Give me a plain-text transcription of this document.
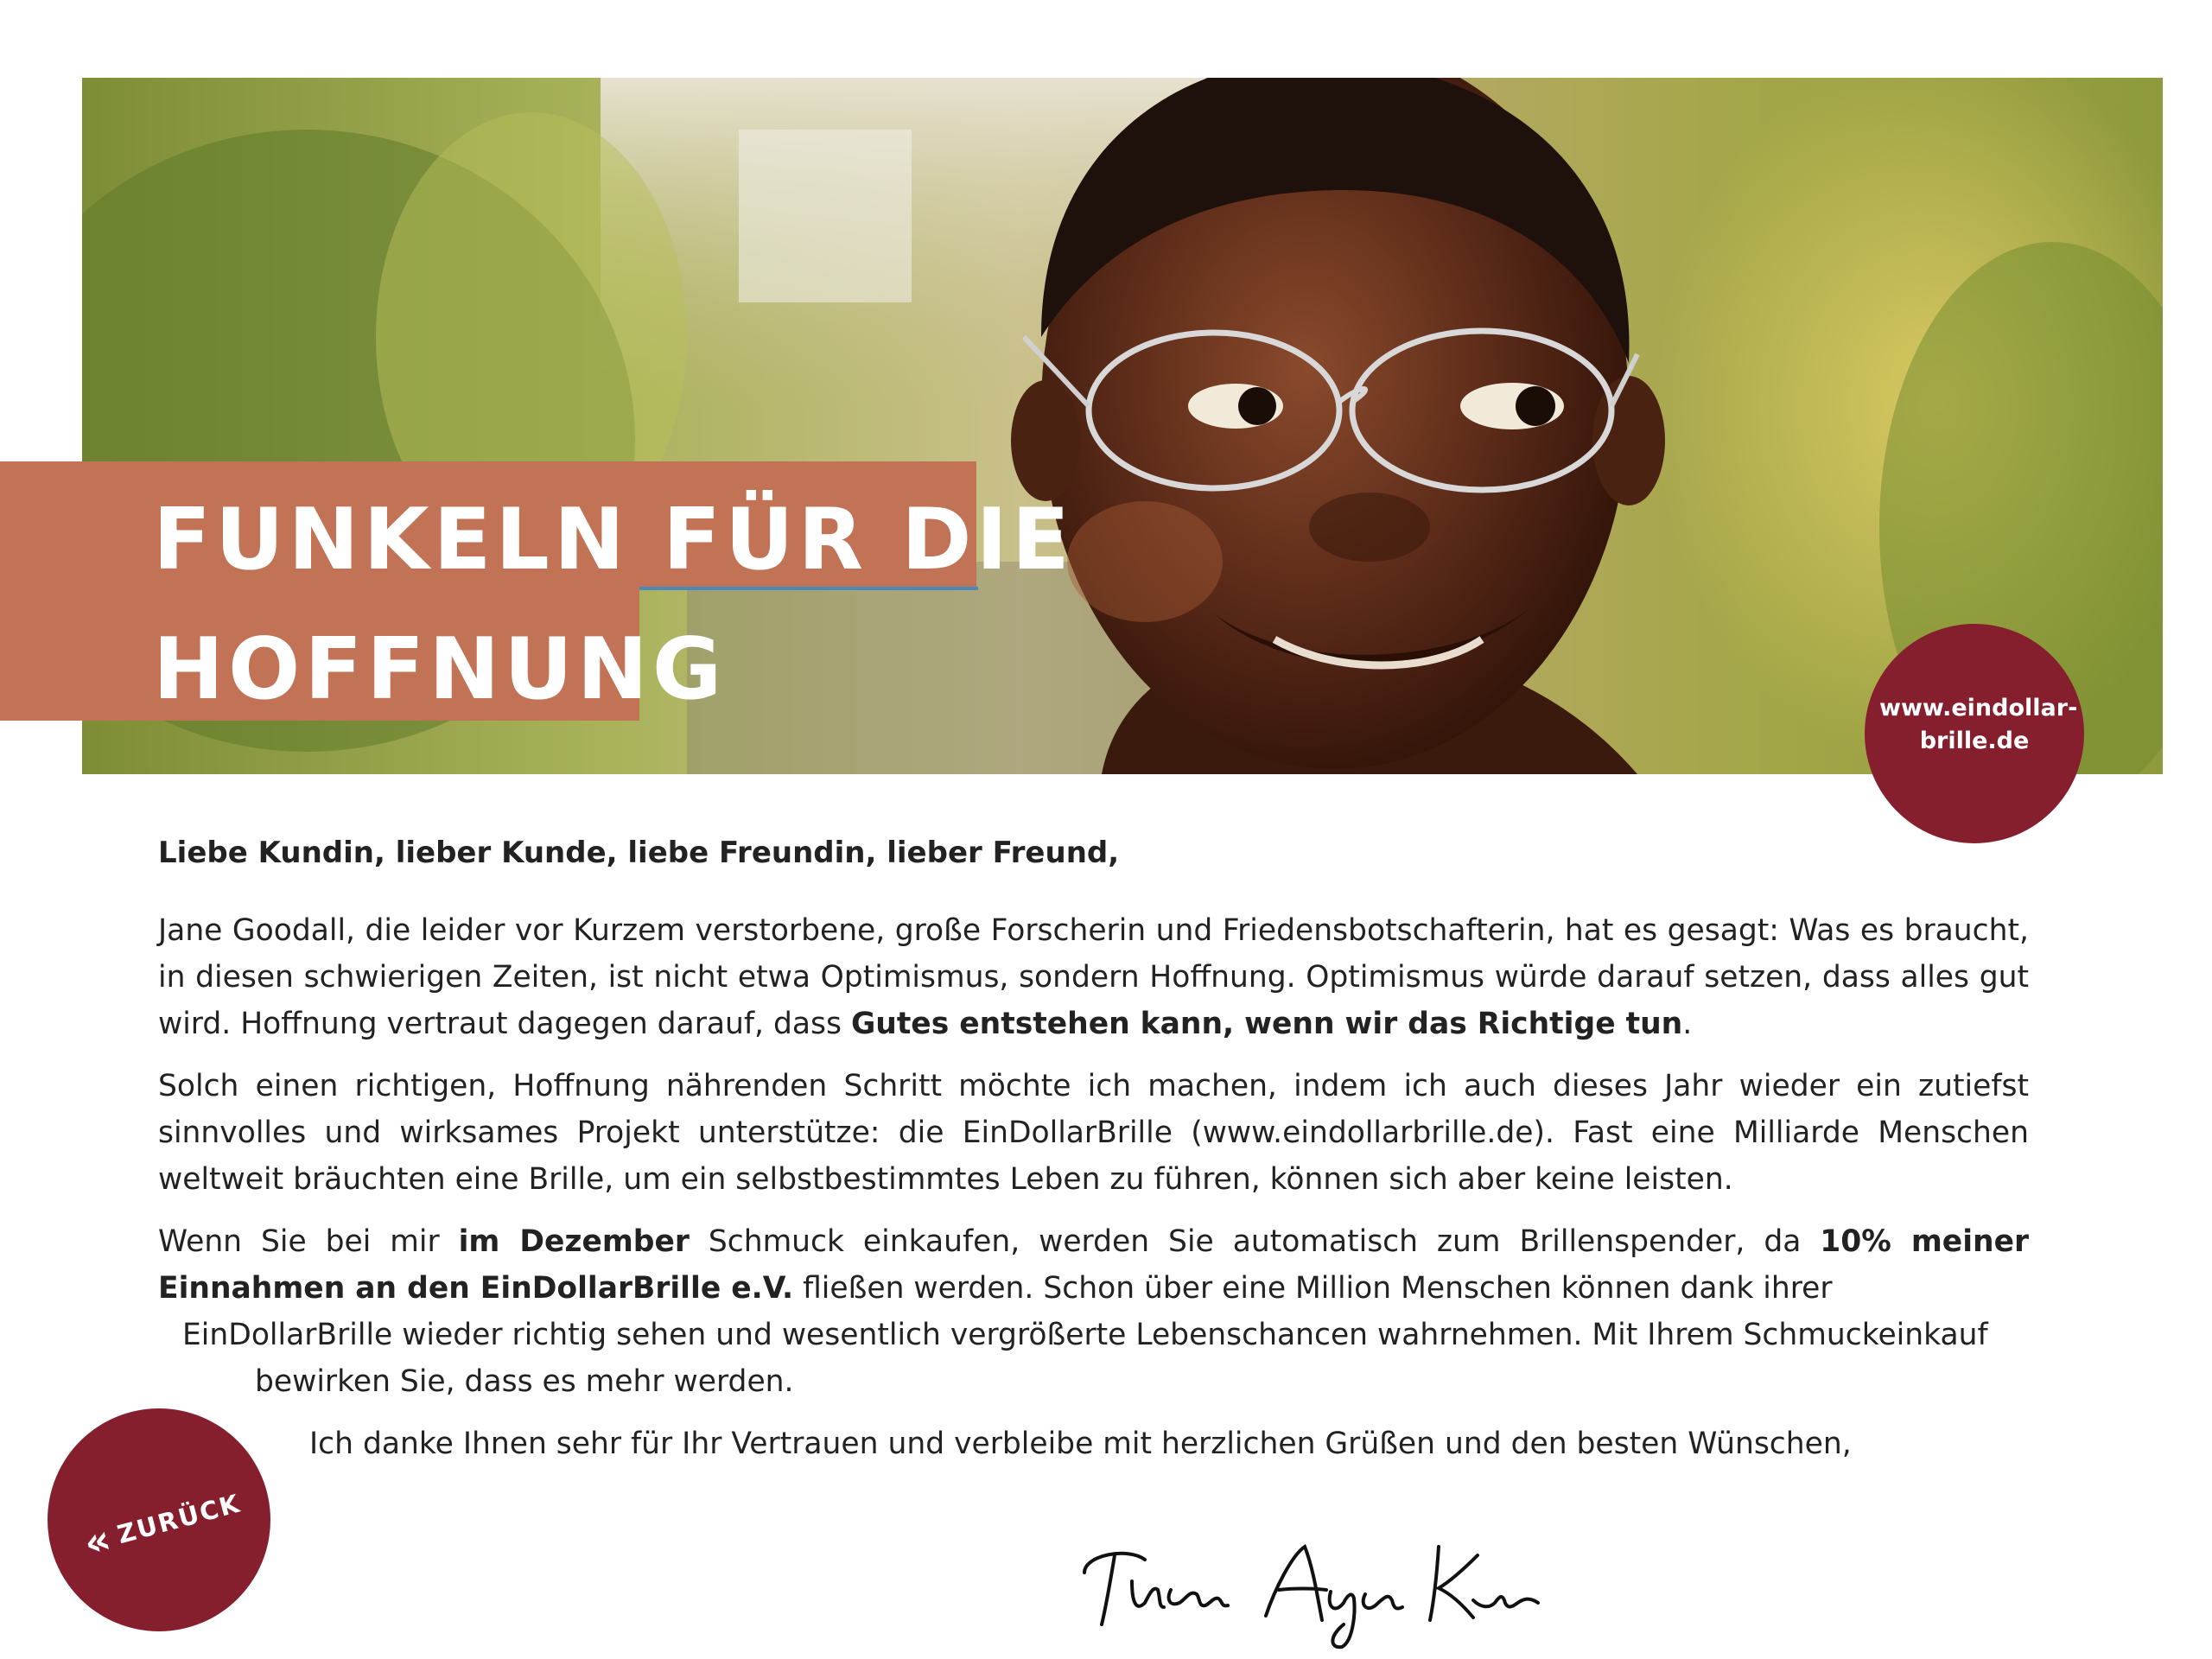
FUNKELN FÜR DIE
HOFFNUNG	www.eindollar-
brille.de

Liebe Kundin, lieber Kunde, liebe Freundin, lieber Freund,

Jane Goodall, die leider vor Kurzem verstorbene, große Forscherin und Friedensbotschafterin, hat es gesagt: Was es braucht, in diesen schwierigen Zeiten, ist nicht etwa Optimismus, sondern Hoffnung. Optimismus würde darauf setzen, dass alles gut wird. Hoffnung vertraut dagegen darauf, dass Gutes entstehen kann, wenn wir das Richtige tun.

Solch einen richtigen, Hoffnung nährenden Schritt möchte ich machen, indem ich auch dieses Jahr wieder ein zutiefst sinnvolles und wirksames Projekt unterstütze: die EinDollarBrille (www.eindollarbrille.de). Fast eine Milliarde Menschen weltweit bräuchten eine Brille, um ein selbstbestimmtes Leben zu führen, können sich aber keine leisten.

Wenn Sie bei mir im Dezember Schmuck einkaufen, werden Sie automatisch zum Brillenspender, da 10% meiner Einnahmen an den EinDollarBrille e.V. fließen werden. Schon über eine Million Menschen können dank ihrer
EinDollarBrille wieder richtig sehen und wesentlich vergrößerte Lebenschancen wahrnehmen. Mit Ihrem Schmuckeinkauf
bewirken Sie, dass es mehr werden.

Ich danke Ihnen sehr für Ihr Vertrauen und verbleibe mit herzlichen Grüßen und den besten Wünschen,

«
ZURÜCK
